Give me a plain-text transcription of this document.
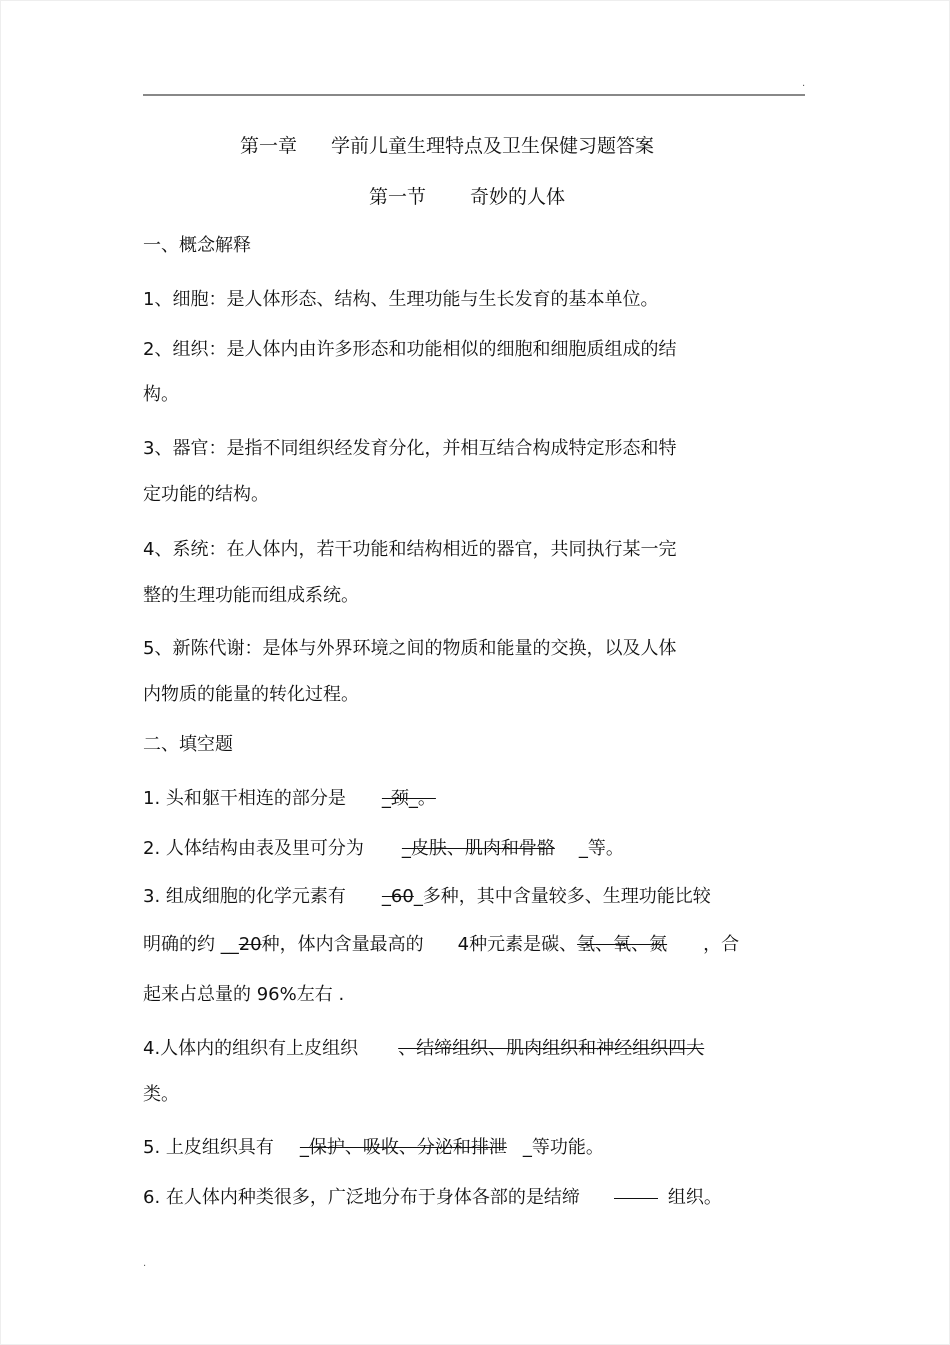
.
第一章 学前儿童生理特点及卫生保健习题答案
第一节 奇妙的人体
一、概念解释
1、细胞：是人体形态、结构、生理功能与生长发育的基本单位。
2、组织：是人体内由许多形态和功能相似的细胞和细胞质组成的结
构。
3、器官：是指不同组织经发育分化，并相互结合构成特定形态和特
定功能的结构。
4、系统：在人体内，若干功能和结构相近的器官，共同执行某一完
整的生理功能而组成系统。
5、新陈代谢：是体与外界环境之间的物质和能量的交换，以及人体
内物质的能量的转化过程。
二、填空题
1. 头和躯干相连的部分是 _颈_。
2. 人体结构由表及里可分为 _皮肤、肌肉和骨骼 _等。
3. 组成细胞的化学元素有 _60_多种，其中含量较多、生理功能比较
明确的约 __20种，体内含量最高的 4种元素是碳、氢、氧、氮 ，合
起来占总量的 96%左右 .
4.人体内的组织有上皮组织 、结缔组织、肌肉组织和神经组织四大
类。
5. 上皮组织具有 _保护、吸收、分泌和排泄 _等功能。
6. 在人体内种类很多，广泛地分布于身体各部的是结缔	组织。
.
